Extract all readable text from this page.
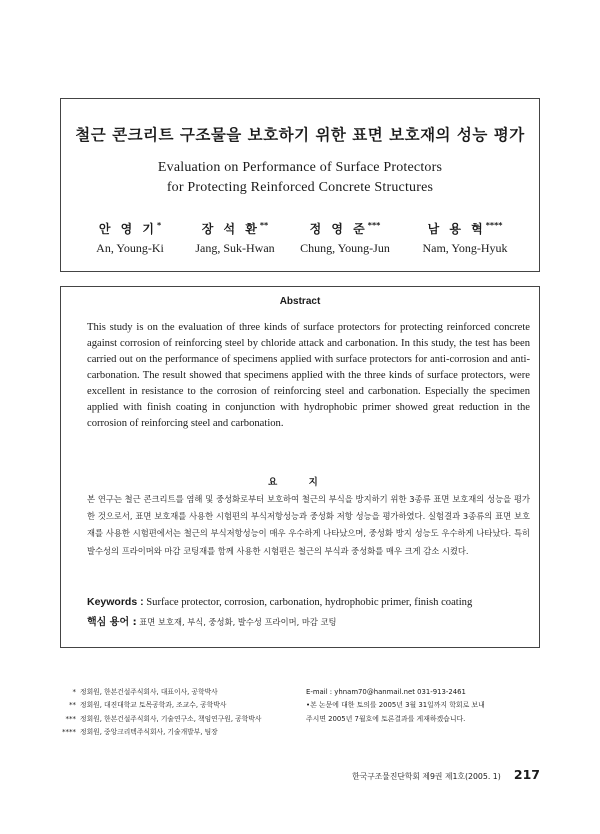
철근 콘크리트 구조물을 보호하기 위한 표면 보호재의 성능 평가
Evaluation on Performance of Surface Protectors
for Protecting Reinforced Concrete Structures
안 영 기*
An, Young-Ki
장 석 환**
Jang, Suk-Hwan
정 영 준***
Chung, Young-Jun
남 용 혁****
Nam, Yong-Hyuk
Abstract
This study is on the evaluation of three kinds of surface protectors for protecting reinforced concrete against corrosion of reinforcing steel by chloride attack and carbonation. In this study, the test has been carried out on the performance of specimens applied with surface protectors for anti-corrosion and anti-carbonation. The result showed that specimens applied with the three kinds of surface protectors, were excellent in resistance to the corrosion of reinforcing steel and carbonation. Especially the specimen applied with finish coating in conjunction with hydrophobic primer showed great reduction in the corrosion of reinforcing steel and carbonation.
요 지
본 연구는 철근 콘크리트를 염해 및 중성화로부터 보호하여 철근의 부식을 방지하기 위한 3종류 표면 보호재의 성능을 평가한 것으로서, 표면 보호재를 사용한 시험편의 부식저항성능과 중성화 저항 성능을 평가하였다. 실험결과 3종류의 표면 보호재를 사용한 시험편에서는 철근의 부식저항성능이 매우 우수하게 나타났으며, 중성화 방지 성능도 우수하게 나타났다. 특히 발수성의 프라이머와 마감 코팅재를 함께 사용한 시험편은 철근의 부식과 중성화를 매우 크게 감소 시켰다.
Keywords : Surface protector, corrosion, carbonation, hydrophobic primer, finish coating
핵심 용어 : 표면 보호재, 부식, 중성화, 발수성 프라이머, 마감 코팅
* 정회원, 한본건설주식회사, 대표이사, 공학박사
** 정회원, 대진대학교 토목공학과, 조교수, 공학박사
*** 정회원, 한본건설주식회사, 기술연구소, 책임연구원, 공학박사
**** 정회원, 중앙크리텍주식회사, 기술개발부, 팀장
E-mail : yhnam70@hanmail.net 031-913-2461
•본 논문에 대한 토의를 2005년 3월 31일까지 학회로 보내
주시면 2005년 7월호에 토론결과를 게재하겠습니다.
한국구조물진단학회 제9권 제1호(2005. 1) 217
